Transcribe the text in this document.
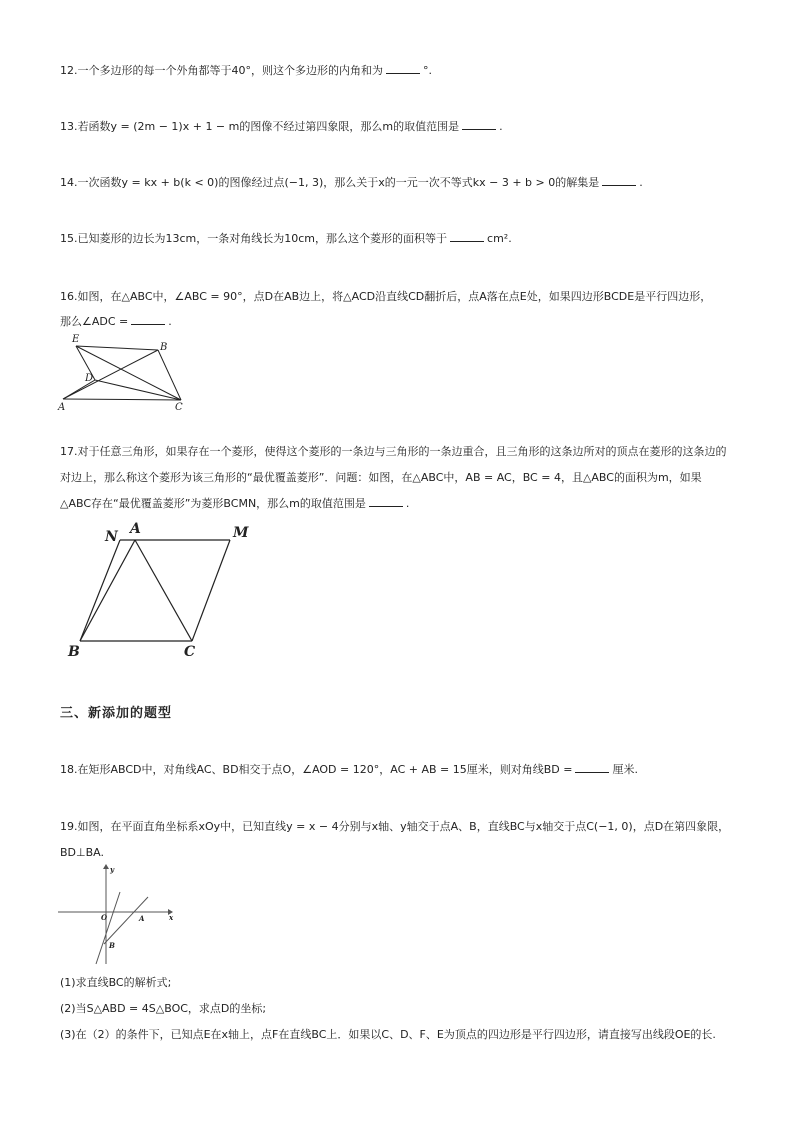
12.一个多边形的每一个外角都等于40°，则这个多边形的内角和为	°.
13.若函数y = (2m − 1)x + 1 − m的图像不经过第四象限，那么m的取值范围是	.
14.一次函数y = kx + b(k < 0)的图像经过点(−1, 3)，那么关于x的一元一次不等式kx − 3 + b > 0的解集是	.
15.已知菱形的边长为13cm，一条对角线长为10cm，那么这个菱形的面积等于	cm².
16.如图，在△ABC中，∠ABC = 90°，点D在AB边上，将△ACD沿直线CD翻折后，点A落在点E处，如果四边形BCDE是平行四边形，
那么∠ADC =	.
E
B
D
A	C
17.对于任意三角形，如果存在一个菱形，使得这个菱形的一条边与三角形的一条边重合，且三角形的这条边所对的顶点在菱形的这条边的
对边上，那么称这个菱形为该三角形的“最优覆盖菱形”．问题：如图，在△ABC中，AB = AC，BC = 4，且△ABC的面积为m，如果
△ABC存在“最优覆盖菱形”为菱形BCMN，那么m的取值范围是	.
N A	M
B	C
三、新添加的题型
18.在矩形ABCD中，对角线AC、BD相交于点O，∠AOD = 120°，AC + AB = 15厘米，则对角线BD =	厘米.
19.如图，在平面直角坐标系xOy中，已知直线y = x − 4分别与x轴、y轴交于点A、B，直线BC与x轴交于点C(−1, 0)，点D在第四象限，
BD⊥BA.
y
x
O	A
B
(1)求直线BC的解析式;
(2)当S△ABD = 4S△BOC，求点D的坐标;
(3)在（2）的条件下，已知点E在x轴上，点F在直线BC上．如果以C、D、F、E为顶点的四边形是平行四边形，请直接写出线段OE的长.
